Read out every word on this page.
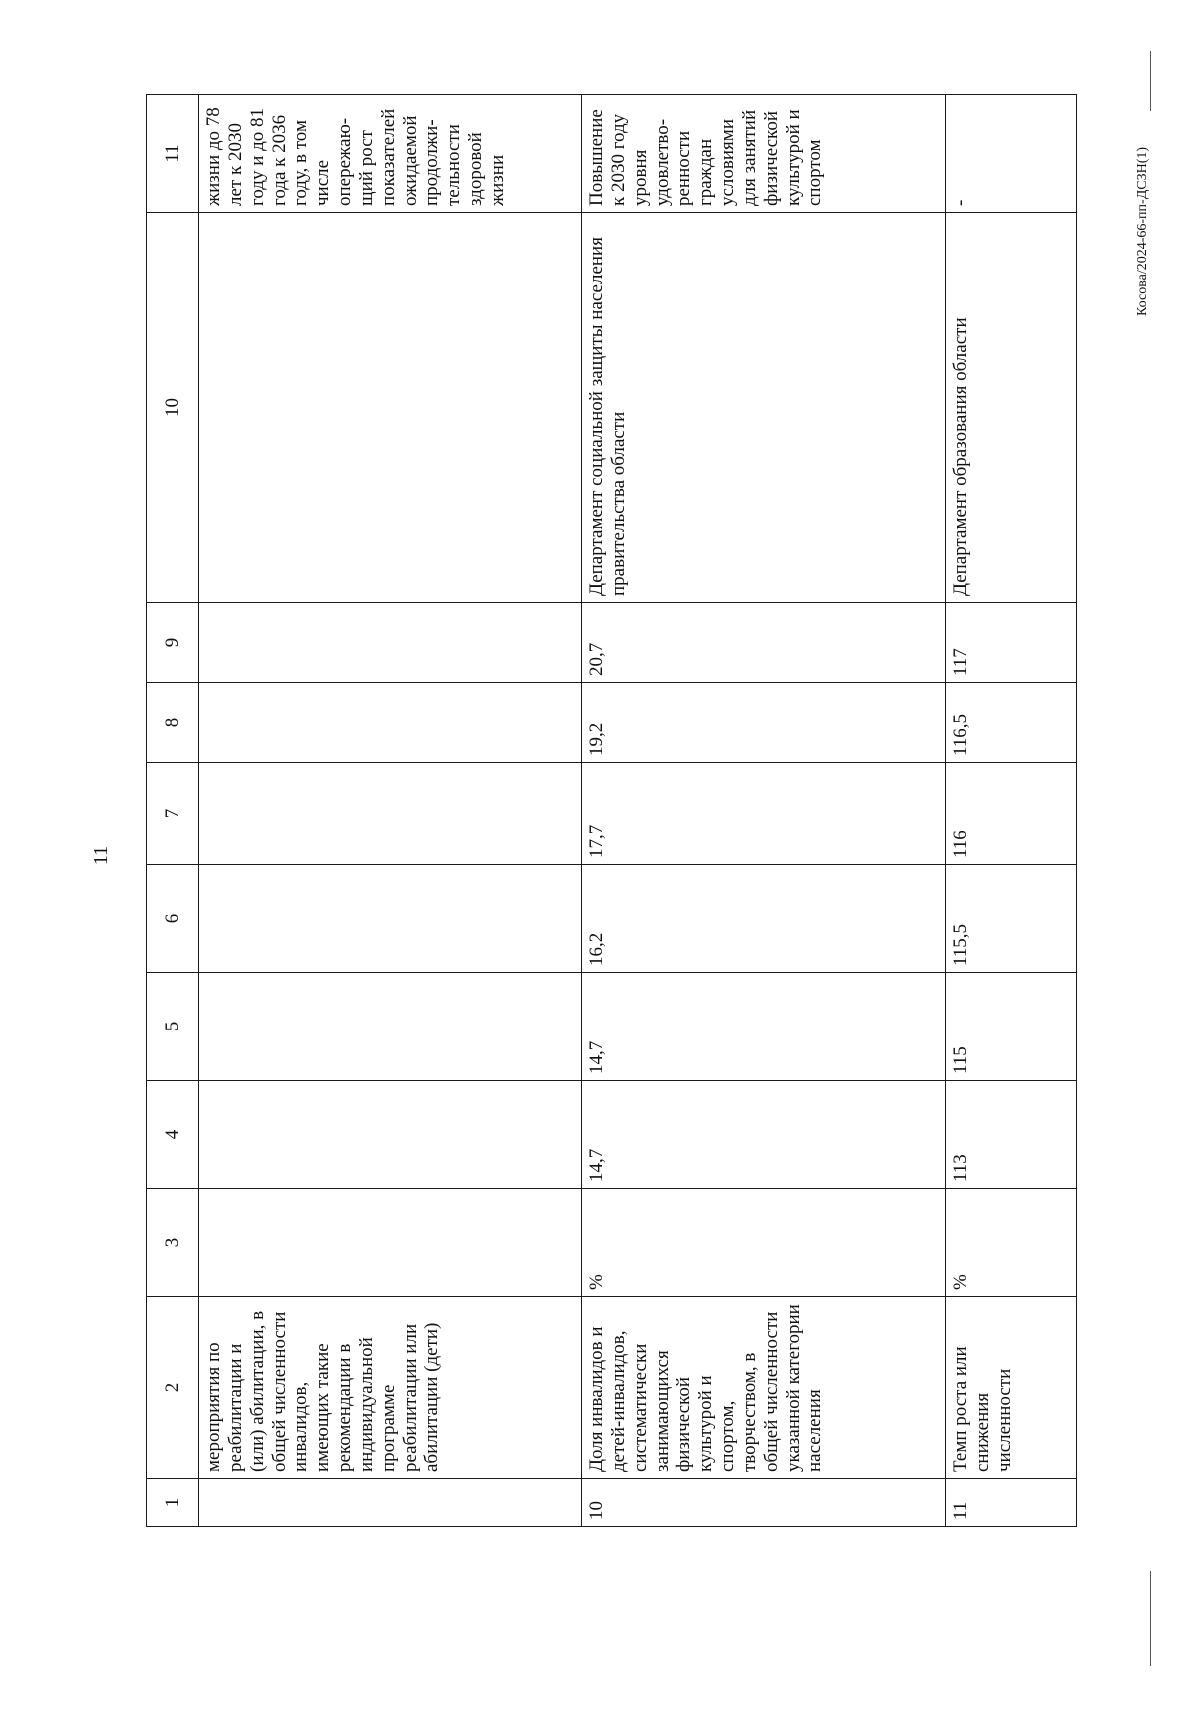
11
1	2	3	4	5	6	7	8	9	10	11
	мероприятия по реабилитации и (или) абилитации, в общей численности инвалидов, имеющих такие рекомендации в индивидуальной программе реабилитации или абилитации (дети)									жизни до 78 лет к 2030 году и до 81 года к 2036 году, в том числе опережаю-щий рост показателей ожидаемой продолжи-тельности здоровой жизни
10	Доля инвалидов и детей-инвалидов, систематически занимающихся физической культурой и спортом, творчеством, в общей численности указанной категории населения	%	14,7	14,7	16,2	17,7	19,2	20,7	Департамент социальной защиты населения правительства области	Повышение к 2030 году уровня удовлетво-ренности граждан условиями для занятий физической культурой и спортом
11	Темп роста или снижения численности	%	113	115	115,5	116	116,5	117	Департамент образования области	-	Косова/2024-66-пп-ДСЗН(1)
